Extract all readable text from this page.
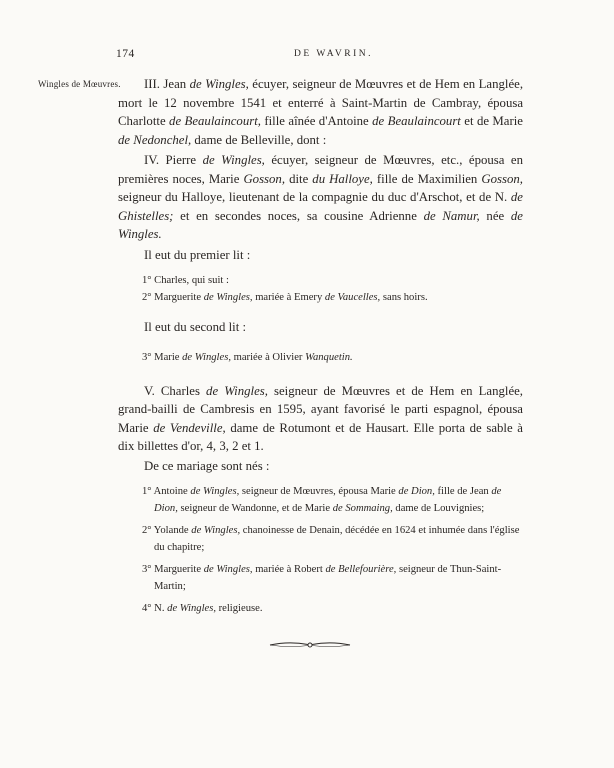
174	DE WAVRIN.
Wingles de Mœuvres.	III. Jean de Wingles, écuyer, seigneur de Mœuvres et de Hem en Langlée, mort le 12 novembre 1541 et enterré à Saint-Martin de Cambray, épousa Charlotte de Beaulaincourt, fille aînée d'Antoine de Beaulaincourt et de Marie de Nedonchel, dame de Belleville, dont :

IV. Pierre de Wingles, écuyer, seigneur de Mœuvres, etc., épousa en premières noces, Marie Gosson, dite du Halloye, fille de Maximilien Gosson, seigneur du Halloye, lieutenant de la compagnie du duc d'Arschot, et de N. de Ghistelles; et en secondes noces, sa cousine Adrienne de Namur, née de Wingles.

Il eut du premier lit :

1° Charles, qui suit :

2° Marguerite de Wingles, mariée à Emery de Vaucelles, sans hoirs.

Il eut du second lit :

3° Marie de Wingles, mariée à Olivier Wanquetin.

V. Charles de Wingles, seigneur de Mœuvres et de Hem en Langlée, grand-bailli de Cambresis en 1595, ayant favorisé le parti espagnol, épousa Marie de Vendeville, dame de Rotumont et de Hausart. Elle porta de sable à dix billettes d'or, 4, 3, 2 et 1.

De ce mariage sont nés :

1° Antoine de Wingles, seigneur de Mœuvres, épousa Marie de Dion, fille de Jean de Dion, seigneur de Wandonne, et de Marie de Sommaing, dame de Louvignies;

2° Yolande de Wingles, chanoinesse de Denain, décédée en 1624 et inhumée dans l'église du chapitre;

3° Marguerite de Wingles, mariée à Robert de Bellefourière, seigneur de Thun-Saint-Martin;

4° N. de Wingles, religieuse.
